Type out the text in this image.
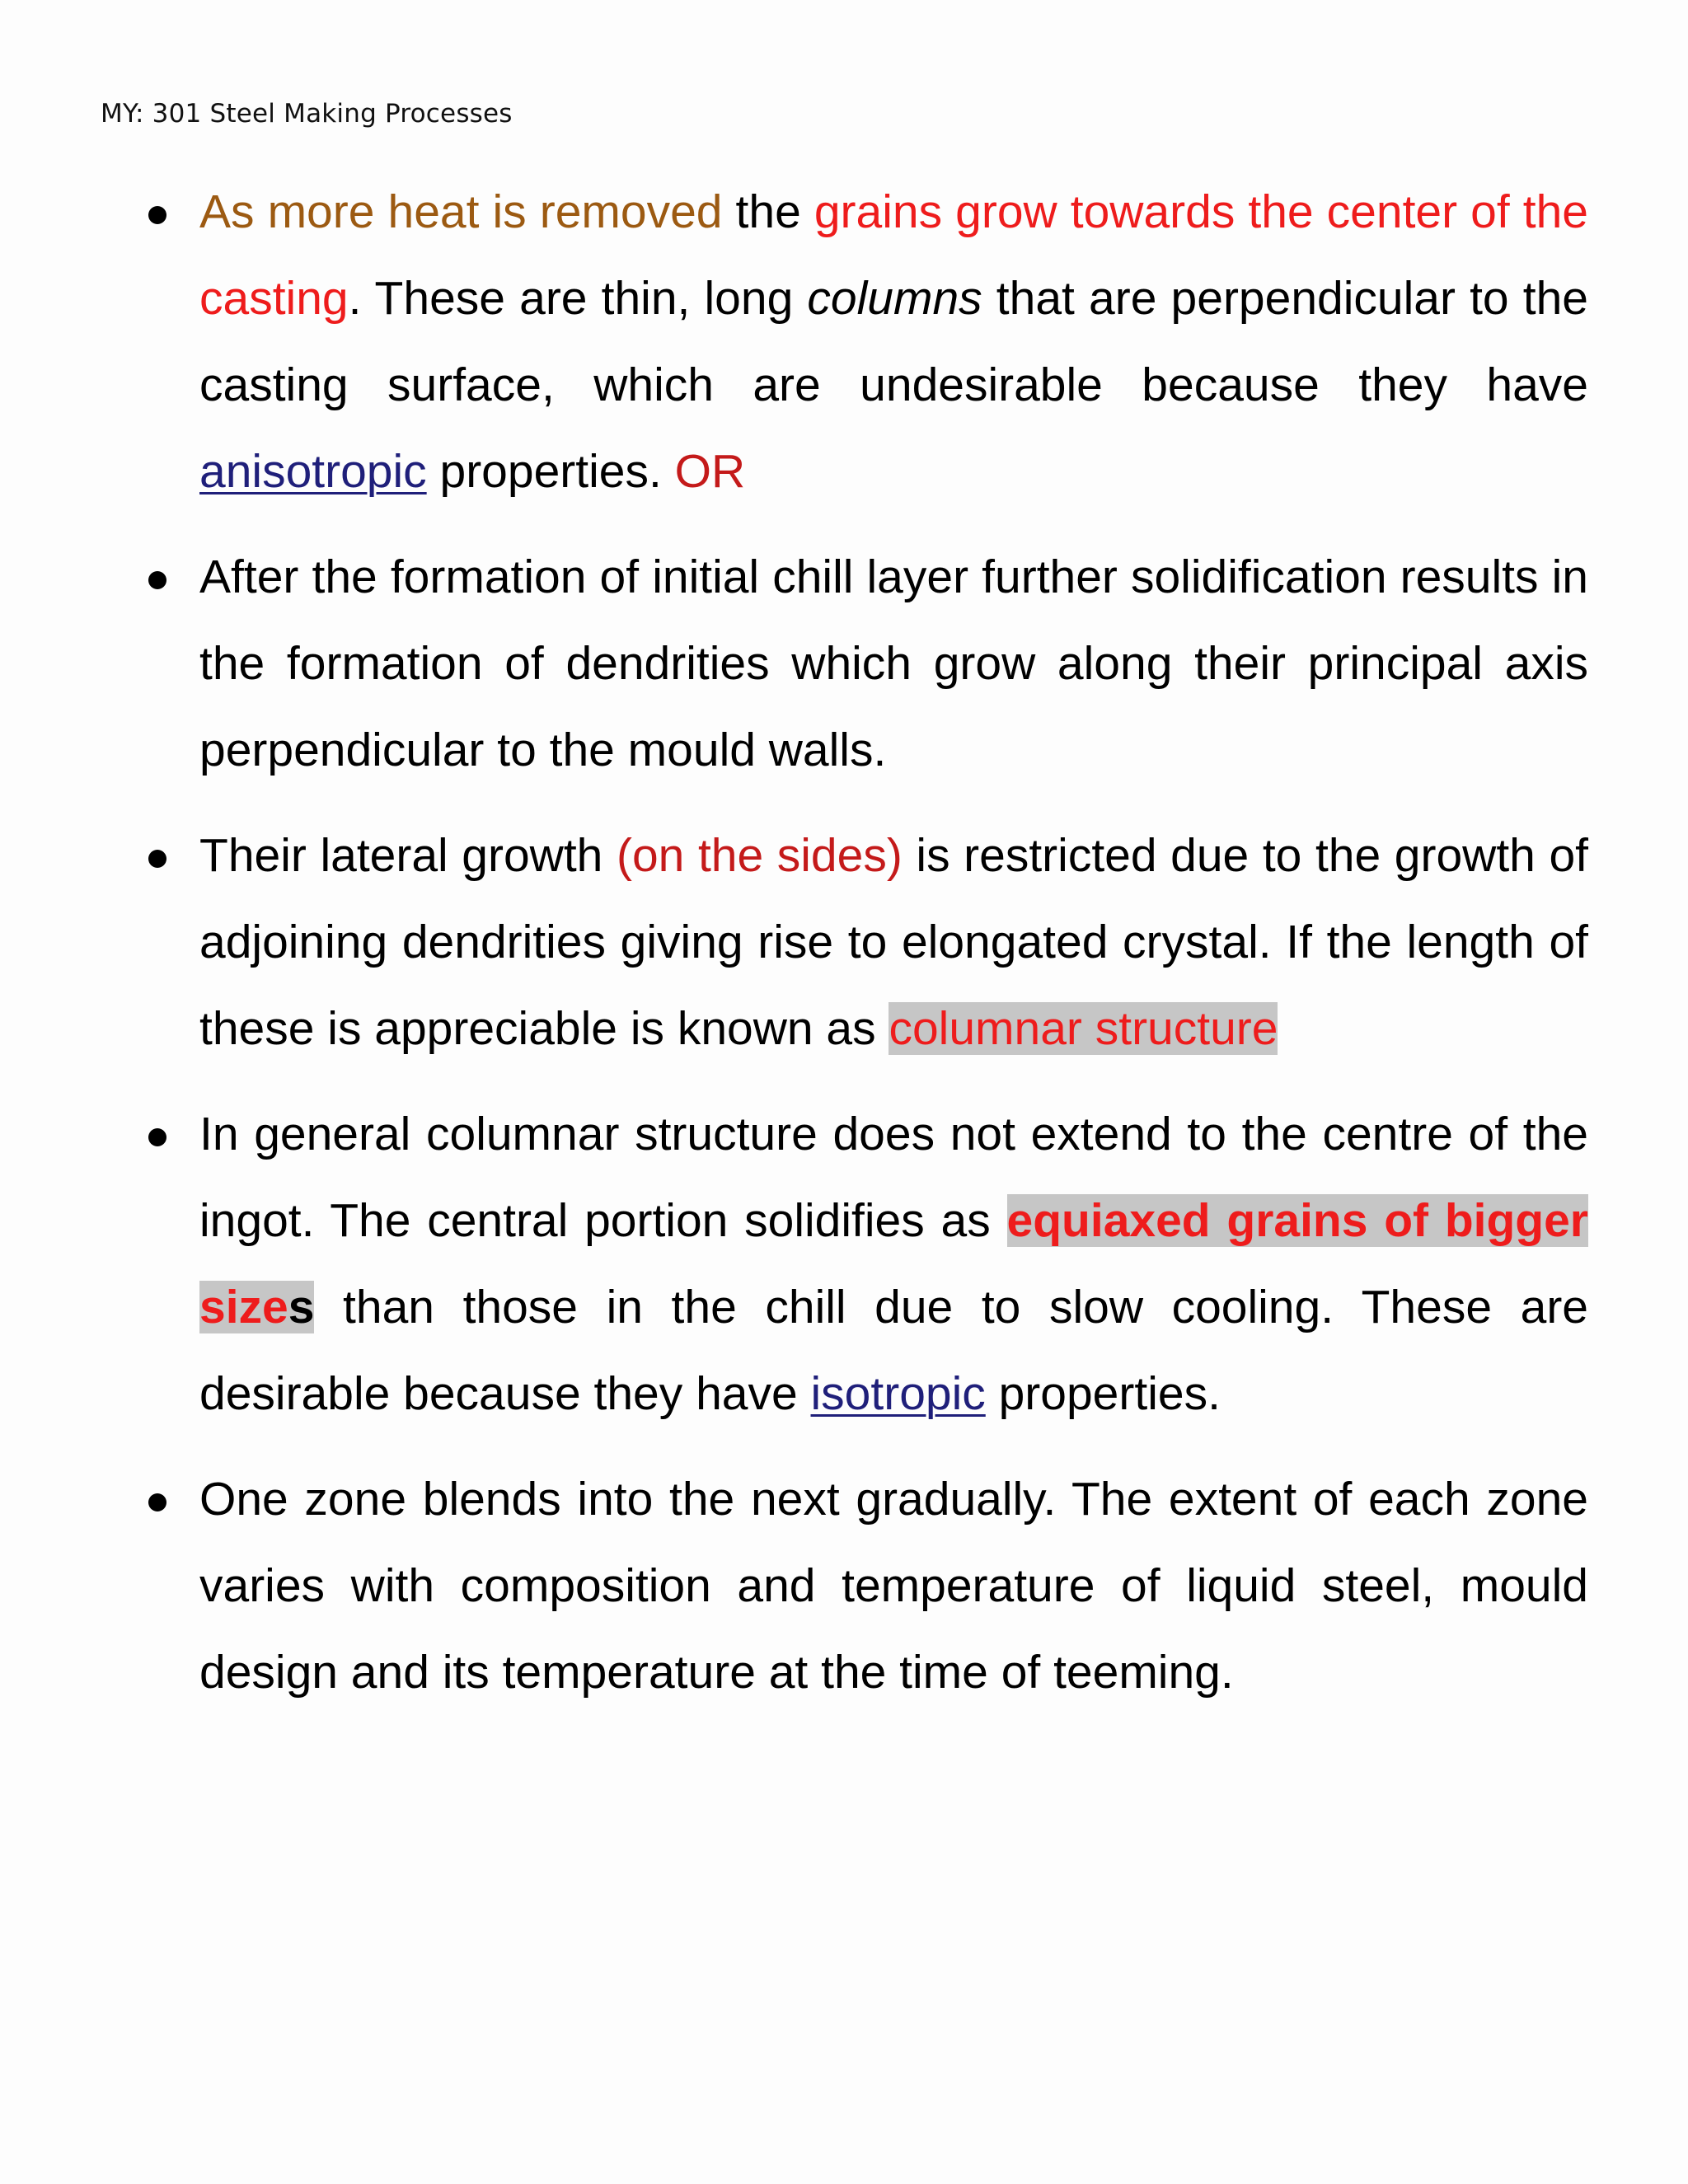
MY: 301 Steel Making Processes
As more heat is removed the grains grow towards the center of the casting. These are thin, long columns that are perpendicular to the casting surface, which are undesirable because they have anisotropic properties. OR
After the formation of initial chill layer further solidification results in the formation of dendrities which grow along their principal axis perpendicular to the mould walls.
Their lateral growth (on the sides) is restricted due to the growth of adjoining dendrities giving rise to elongated crystal. If the length of these is appreciable is known as columnar structure
In general columnar structure does not extend to the centre of the ingot. The central portion solidifies as equiaxed grains of bigger sizes than those in the chill due to slow cooling. These are desirable because they have isotropic properties.
One zone blends into the next gradually. The extent of each zone varies with composition and temperature of liquid steel, mould design and its temperature at the time of teeming.
